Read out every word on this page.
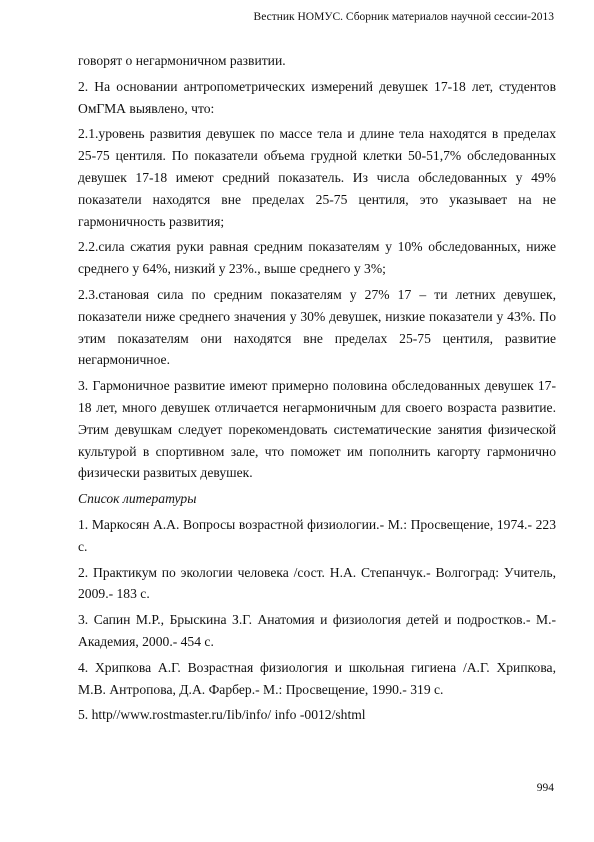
Вестник НОМУС. Сборник материалов научной сессии-2013

говорят о негармоничном развитии.

2. На основании антропометрических измерений девушек 17-18 лет, студентов ОмГМА выявлено, что:

2.1.уровень развития девушек по массе тела и длине тела находятся в пределах 25-75 центиля. По показатели объема грудной клетки 50-51,7% обследованных девушек 17-18 имеют средний показатель. Из числа обследованных у 49% показатели находятся вне пределах 25-75 центиля, это указывает на не гармоничность развития;

2.2.сила сжатия руки равная средним показателям у 10% обследованных, ниже среднего у 64%, низкий у 23%., выше среднего у 3%;

2.3.становая сила по средним показателям у 27% 17 – ти летних девушек, показатели ниже среднего значения у 30% девушек, низкие показатели у 43%. По этим показателям они находятся вне пределах 25-75 центиля, развитие негармоничное.

3. Гармоничное развитие имеют примерно половина обследованных девушек 17-18 лет, много девушек отличается негармоничным для своего возраста развитие. Этим девушкам следует порекомендовать систематические занятия физической культурой в спортивном зале, что поможет им пополнить кагорту гармонично физически развитых девушек.

Список литературы

1. Маркосян А.А. Вопросы возрастной физиологии.- М.: Просвещение, 1974.- 223 с.

2. Практикум по экологии человека /сост. Н.А. Степанчук.- Волгоград: Учитель, 2009.- 183 с.

3. Сапин М.Р., Брыскина З.Г. Анатомия и физиология детей и подростков.- М.- Академия, 2000.- 454 с.

4. Хрипкова А.Г. Возрастная физиология и школьная гигиена /А.Г. Хрипкова, М.В. Антропова, Д.А. Фарбер.- М.: Просвещение, 1990.- 319 с.

5. http//www.rostmaster.ru/Iib/info/ info -0012/shtml

994
